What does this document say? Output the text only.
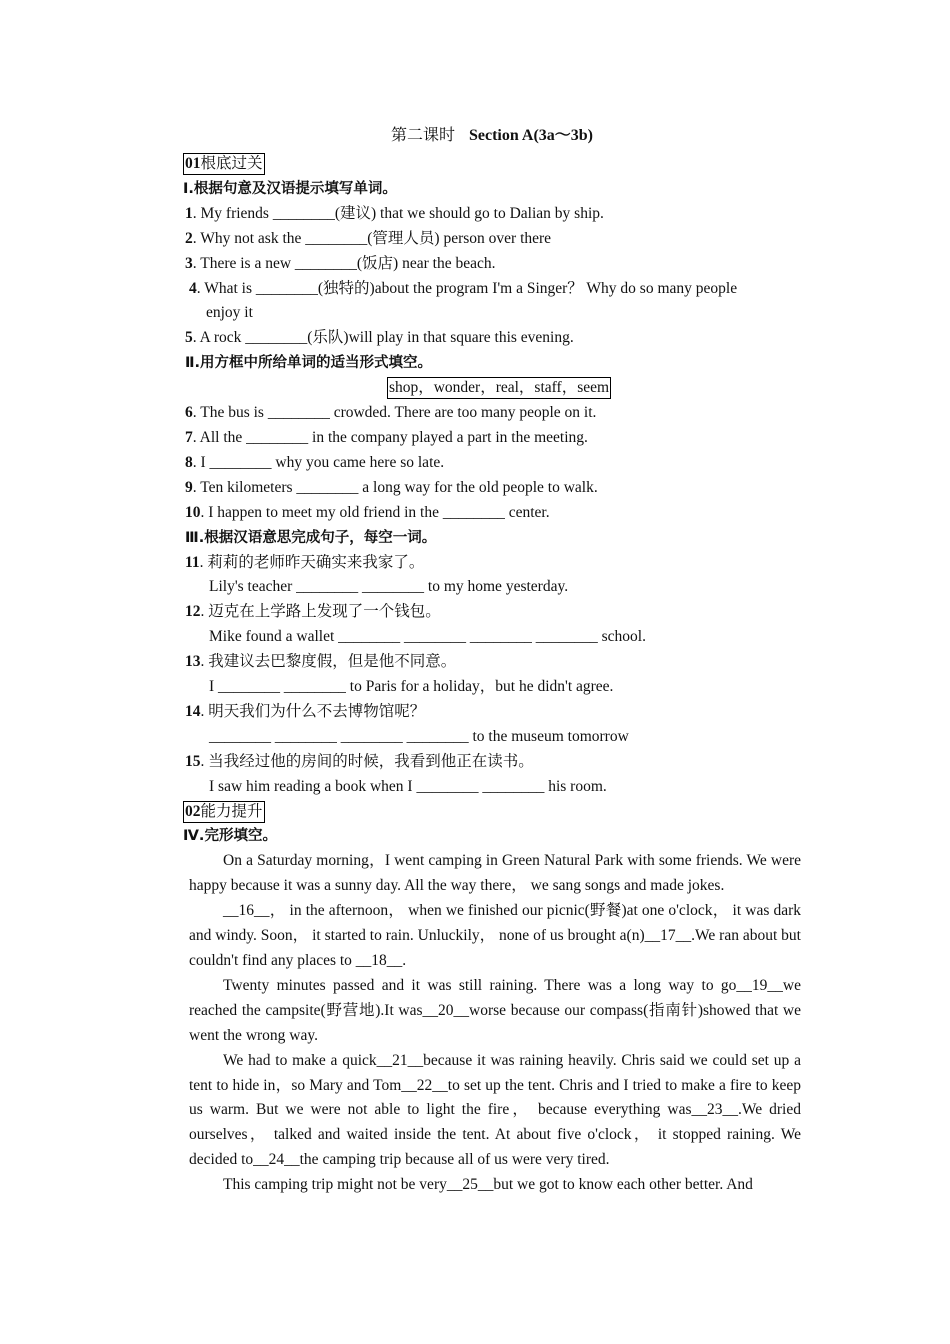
第二课时 Section A(3a～3b)
01根底过关
Ⅰ.根据句意及汉语提示填写单词。
1. My friends ________(建议) that we should go to Dalian by ship.
2. Why not ask the ________(管理人员) person over there
3. There is a new ________(饭店) near the beach.
4. What is ________(独特的)about the program I'm a Singer？ Why do so many people
enjoy it
5. A rock ________(乐队)will play in that square this evening.
Ⅱ.用方框中所给单词的适当形式填空。
shop，wonder，real，staff，seem
6. The bus is ________ crowded. There are too many people on it.
7. All the ________ in the company played a part in the meeting.
8. I ________ why you came here so late.
9. Ten kilometers ________ a long way for the old people to walk.
10. I happen to meet my old friend in the ________ center.
Ⅲ.根据汉语意思完成句子，每空一词。
11. 莉莉的老师昨天确实来我家了。
Lily's teacher ________ ________ to my home yesterday.
12. 迈克在上学路上发现了一个钱包。
Mike found a wallet ________ ________ ________ ________ school.
13. 我建议去巴黎度假，但是他不同意。
I ________ ________ to Paris for a holiday，but he didn't agree.
14. 明天我们为什么不去博物馆呢？
________ ________ ________ ________ to the museum tomorrow
15. 当我经过他的房间的时候，我看到他正在读书。
I saw him reading a book when I ________ ________ his room.
02能力提升
Ⅳ.完形填空。
On a Saturday morning，I went camping in Green Natural Park with some friends. We were happy because it was a sunny day. All the way there， we sang songs and made jokes.
__16__， in the afternoon， when we finished our picnic(野餐)at one o'clock， it was dark and windy. Soon， it started to rain. Unluckily， none of us brought a(n)__17__.We ran about but couldn't find any places to __18__.
Twenty minutes passed and it was still raining. There was a long way to go__19__we reached the campsite(野营地).It was__20__worse because our compass(指南针)showed that we went the wrong way.
We had to make a quick__21__because it was raining heavily. Chris said we could set up a tent to hide in，so Mary and Tom__22__to set up the tent. Chris and I tried to make a fire to keep us warm. But we were not able to light the fire， because everything was__23__.We dried ourselves， talked and waited inside the tent. At about five o'clock， it stopped raining. We decided to__24__the camping trip because all of us were very tired.
This camping trip might not be very__25__but we got to know each other better. And
